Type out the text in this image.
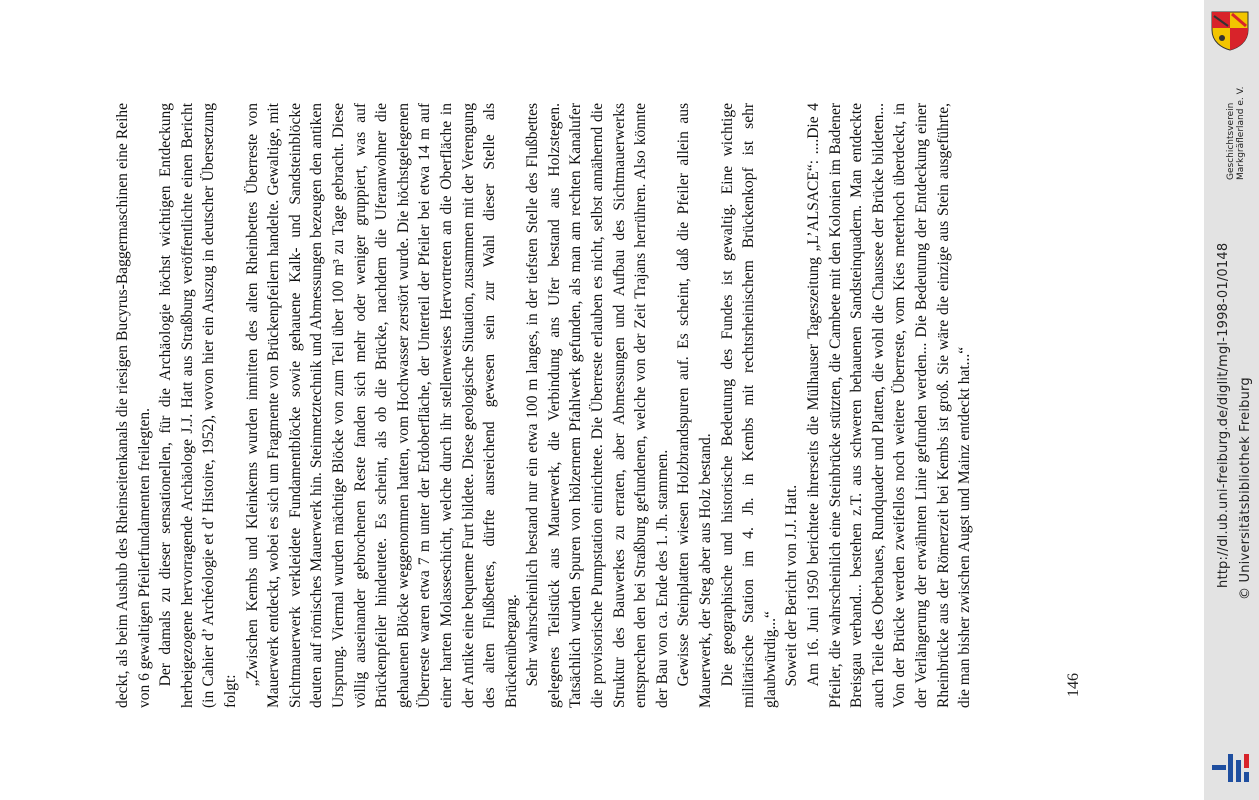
deckt, als beim Aushub des Rheinseitenkanals die riesigen Bucyrus-Baggermaschinen eine Reihe von 6 gewaltigen Pfeilerfundamenten freilegten. Der damals zu dieser sensationellen, für die Archäologie höchst wichtigen Entdeckung herbeigezogene hervorragende Archäologe J.J. Hatt aus Straßburg veröffentlichte einen Bericht (in Cahier d’ Archéologie et d’ Histoire, 1952), wovon hier ein Auszug in deutscher Übersetzung folgt:

„Zwischen Kembs und Kleinkems wurden inmitten des alten Rheinbettes Überreste von Mauerwerk entdeckt, wobei es sich um Fragmente von Brückenpfeilern handelte. Gewaltige, mit Sichtmauerwerk verkleidete Fundamentblöcke sowie gehauene Kalk- und Sandsteinblöcke deuten auf römisches Mauerwerk hin. Steinmetztechnik und Abmessungen bezeugen den antiken Ursprung. Viermal wurden mächtige Blöcke von zum Teil über 100 m³ zu Tage gebracht. Diese völlig auseinander gebrochenen Reste fanden sich mehr oder weniger gruppiert, was auf Brückenpfeiler hindeutete. Es scheint, als ob die Brücke, nachdem die Uferanwohner die gehauenen Blöcke weggenommen hatten, vom Hochwasser zerstört wurde. Die höchstgelegenen Überreste waren etwa 7 m unter der Erdoberfläche, der Unterteil der Pfeiler bei etwa 14 m auf einer harten Molasseschicht, welche durch ihr stellenweises Hervortreten an die Oberfläche in der Antike eine bequeme Furt bildete. Diese geologische Situation, zusammen mit der Verengung des alten Flußbettes, dürfte ausreichend gewesen sein zur Wahl dieser Stelle als Brückenübergang. Sehr wahrscheinlich bestand nur ein etwa 100 m langes, in der tiefsten Stelle des Flußbettes gelegenes Teilstück aus Mauerwerk, die Verbindung ans Ufer bestand aus Holzstegen. Tatsächlich wurden Spuren von hölzernem Pfahlwerk gefunden, als man am rechten Kanalufer die provisorische Pumpstation einrichtete. Die Überreste erlauben es nicht, selbst annähernd die Struktur des Bauwerkes zu erraten, aber Abmessungen und Aufbau des Sichtmauerwerks entsprechen den bei Straßburg gefundenen, welche von der Zeit Trajans herrühren. Also könnte der Bau von ca. Ende des 1. Jh. stammen. Gewisse Steinplatten wiesen Holzbrandspuren auf. Es scheint, daß die Pfeiler allein aus Mauerwerk, der Steg aber aus Holz bestand. Die geographische und historische Bedeutung des Fundes ist gewaltig. Eine wichtige militärische Station im 4. Jh. in Kembs mit rechtsrheinischem Brückenkopf ist sehr glaubwürdig...“ Soweit der Bericht von J.J. Hatt. Am 16. Juni 1950 berichtete ihrerseits die Mülhauser Tageszeitung „L’ALSACE“: ....Die 4 Pfeiler, die wahrscheinlich eine Steinbrücke stützten, die Cambete mit den Kolonien im Badener Breisgau verband... bestehen z.T. aus schweren behauenen Sandsteinquadern. Man entdeckte auch Teile des Oberbaues, Rundquader und Platten, die wohl die Chaussee der Brücke bildeten... Von der Brücke werden zweifellos noch weitere Überreste, vom Kies meterhoch überdeckt, in der Verlängerung der erwähnten Linie gefunden werden... Die Bedeutung der Entdeckung einer Rheinbrücke aus der Römerzeit bei Kembs ist groß. Sie wäre die einzige aus Stein ausgeführte, die man bisher zwischen Augst und Mainz entdeckt hat...“	146
Geschichtsverein Markgräflerland e. V.
http://dl.ub.uni-freiburg.de/diglit/mgl-1998-01/0148 © Universitätsbibliothek Freiburg
